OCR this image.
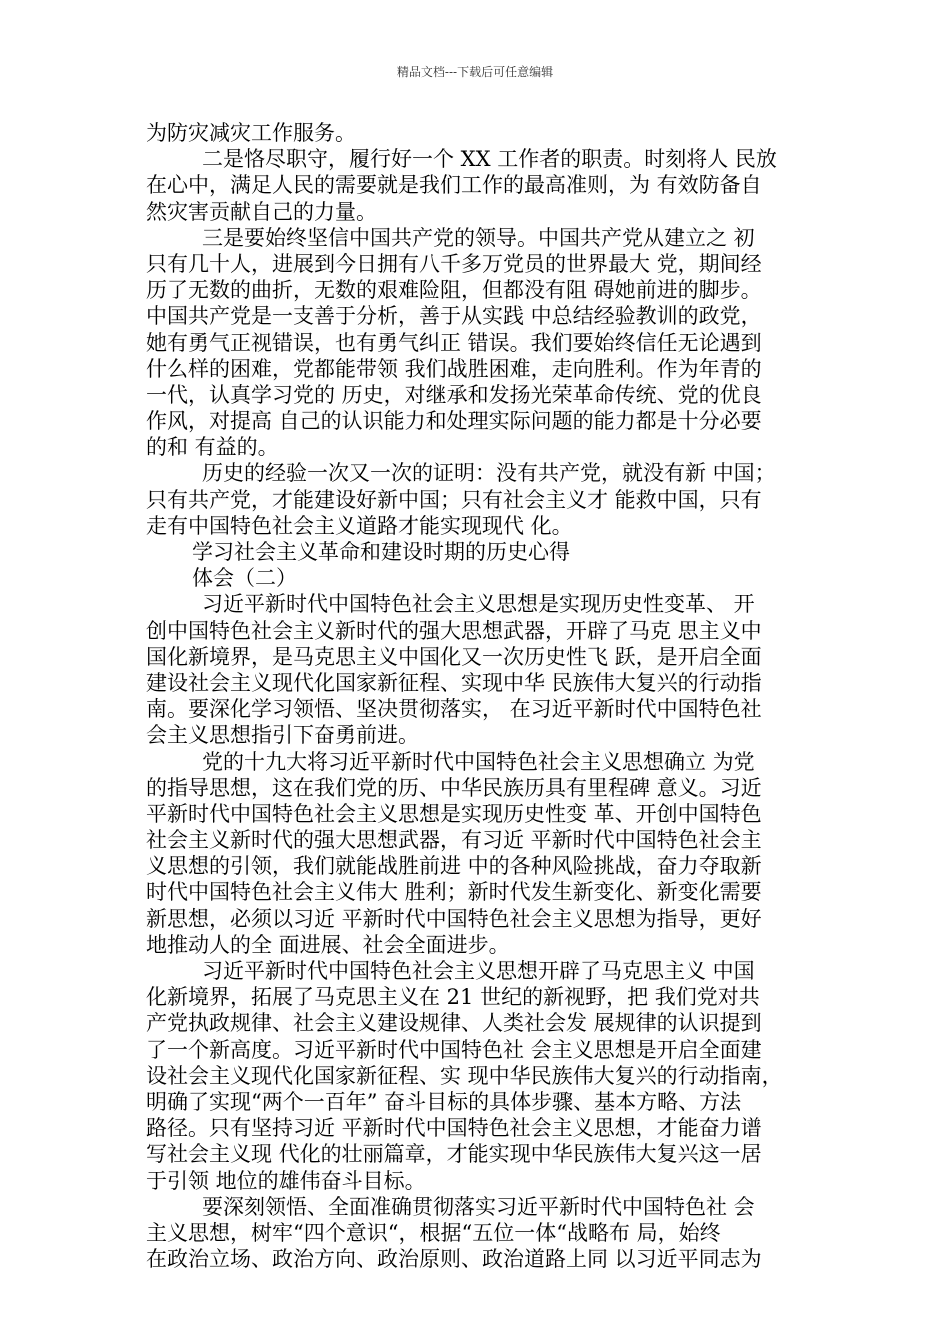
精品文档---下载后可任意编辑
为防灾减灾工作服务。
二是恪尽职守，履行好一个 XX 工作者的职责。时刻将人 民放
在心中，满足人民的需要就是我们工作的最高准则，为 有效防备自
然灾害贡献自己的力量。
三是要始终坚信中国共产党的领导。中国共产党从建立之 初
只有几十人，进展到今日拥有八千多万党员的世界最大 党，期间经
历了无数的曲折，无数的艰难险阻，但都没有阻 碍她前进的脚步。
中国共产党是一支善于分析，善于从实践 中总结经验教训的政党，
她有勇气正视错误，也有勇气纠正 错误。我们要始终信任无论遇到
什么样的困难，党都能带领 我们战胜困难，走向胜利。作为年青的
一代，认真学习党的 历史，对继承和发扬光荣革命传统、党的优良
作风，对提高 自己的认识能力和处理实际问题的能力都是十分必要
的和 有益的。
历史的经验一次又一次的证明：没有共产党，就没有新 中国；
只有共产党，才能建设好新中国；只有社会主义才 能救中国，只有
走有中国特色社会主义道路才能实现现代 化。
学习社会主义革命和建设时期的历史心得
体会（二）
习近平新时代中国特色社会主义思想是实现历史性变革、 开
创中国特色社会主义新时代的强大思想武器，开辟了马克 思主义中
国化新境界，是马克思主义中国化又一次历史性飞 跃，是开启全面
建设社会主义现代化国家新征程、实现中华 民族伟大复兴的行动指
南。要深化学习领悟、坚决贯彻落实， 在习近平新时代中国特色社
会主义思想指引下奋勇前进。
党的十九大将习近平新时代中国特色社会主义思想确立 为党
的指导思想，这在我们党的历、中华民族历具有里程碑 意义。习近
平新时代中国特色社会主义思想是实现历史性变 革、开创中国特色
社会主义新时代的强大思想武器，有习近 平新时代中国特色社会主
义思想的引领，我们就能战胜前进 中的各种风险挑战，奋力夺取新
时代中国特色社会主义伟大 胜利；新时代发生新变化、新变化需要
新思想，必须以习近 平新时代中国特色社会主义思想为指导，更好
地推动人的全 面进展、社会全面进步。
习近平新时代中国特色社会主义思想开辟了马克思主义 中国
化新境界，拓展了马克思主义在 21 世纪的新视野，把 我们党对共
产党执政规律、社会主义建设规律、人类社会发 展规律的认识提到
了一个新高度。习近平新时代中国特色社 会主义思想是开启全面建
设社会主义现代化国家新征程、实 现中华民族伟大复兴的行动指南，
明确了实现“两个一百年” 奋斗目标的具体步骤、基本方略、方法
路径。只有坚持习近 平新时代中国特色社会主义思想，才能奋力谱
写社会主义现 代化的壮丽篇章，才能实现中华民族伟大复兴这一居
于引领 地位的雄伟奋斗目标。
要深刻领悟、全面准确贯彻落实习近平新时代中国特色社 会
主义思想，树牢“四个意识“，根据“五位一体“战略布 局，始终
在政治立场、政治方向、政治原则、政治道路上同 以习近平同志为
